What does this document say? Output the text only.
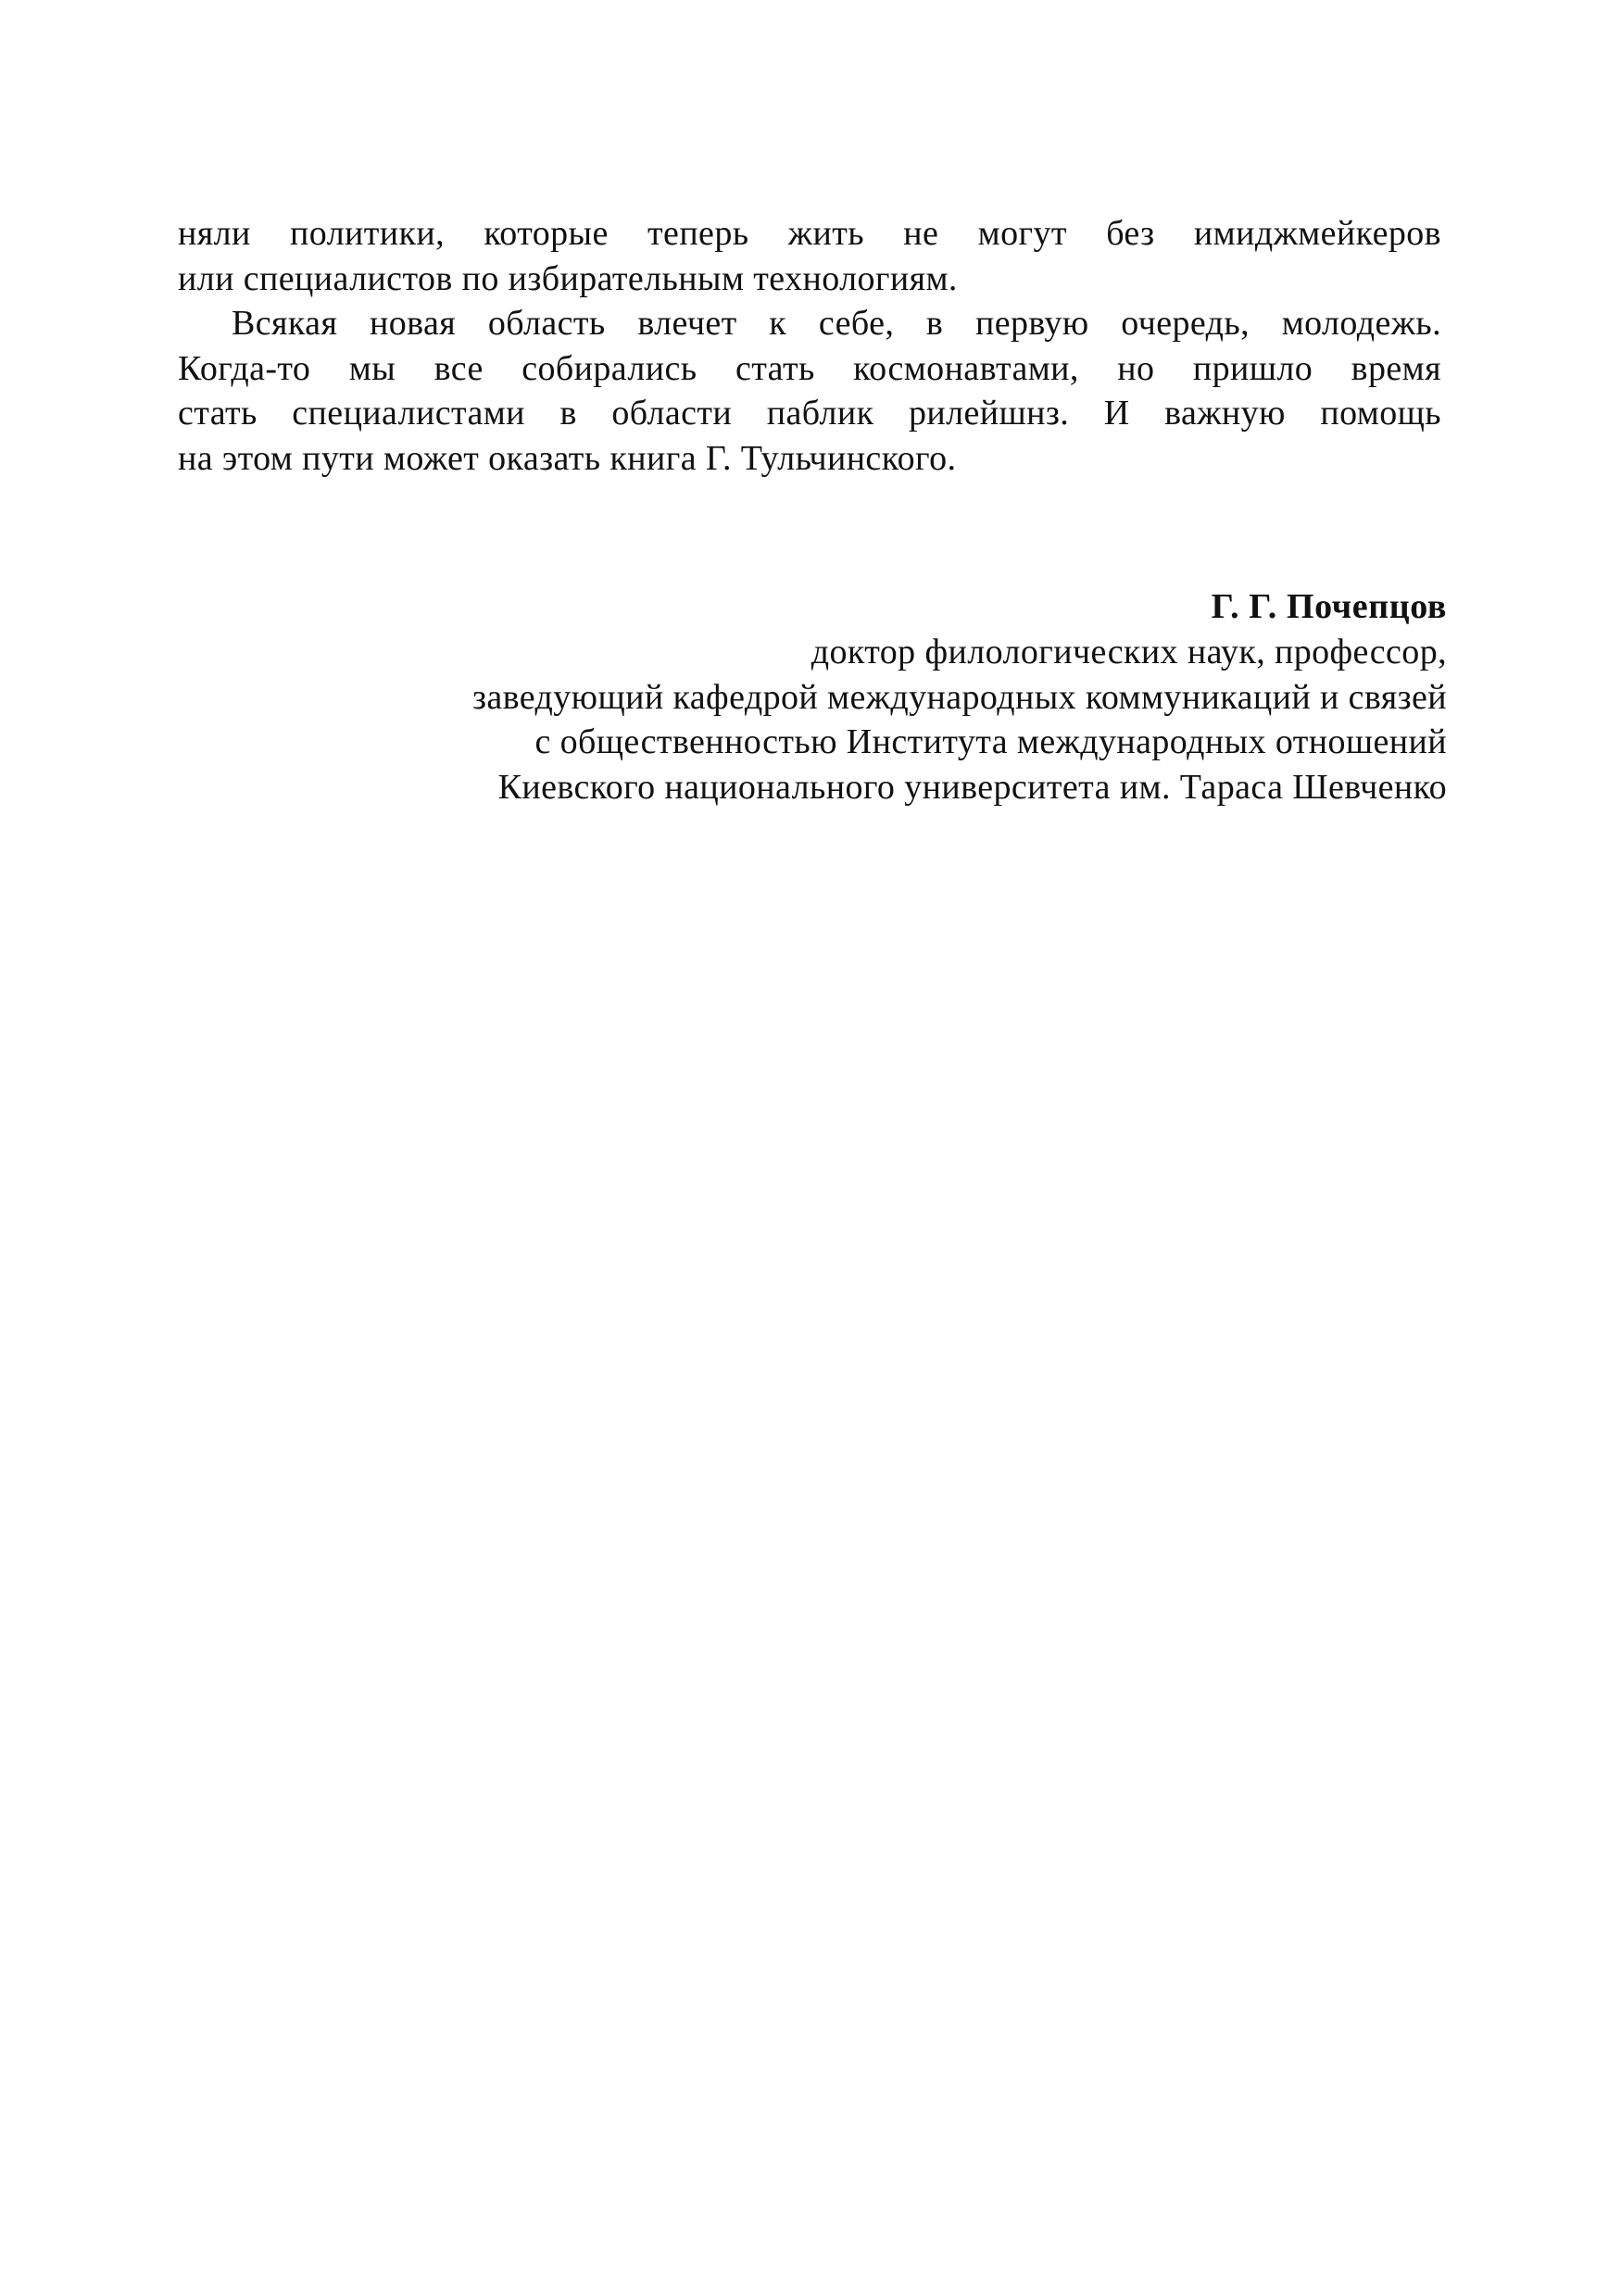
няли политики, которые теперь жить не могут без имиджмейкеров
или специалистов по избирательным технологиям.
Всякая новая область влечет к себе, в первую очередь, молодежь.
Когда-то мы все собирались стать космонавтами, но пришло время
стать специалистами в области паблик рилейшнз. И важную помощь
на этом пути может оказать книга Г. Тульчинского.
Г. Г. Почепцов
доктор филологических наук, профессор,
заведующий кафедрой международных коммуникаций и связей
с общественностью Института международных отношений
Киевского национального университета им. Тараса Шевченко
